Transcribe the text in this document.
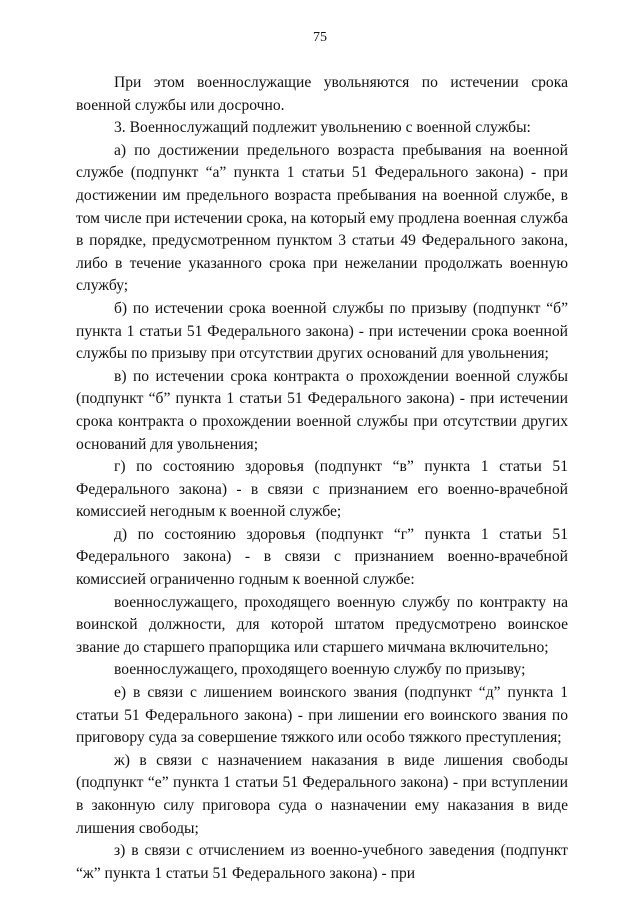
75

При этом военнослужащие увольняются по истечении срока военной службы или досрочно.

3. Военнослужащий подлежит увольнению с военной службы:

а) по достижении предельного возраста пребывания на военной службе (подпункт “а” пункта 1 статьи 51 Федерального закона) - при достижении им предельного возраста пребывания на военной службе, в том числе при истечении срока, на который ему продлена военная служба в порядке, предусмотренном пунктом 3 статьи 49 Федерального закона, либо в течение указанного срока при нежелании продолжать военную службу;

б) по истечении срока военной службы по призыву (подпункт “б” пункта 1 статьи 51 Федерального закона) - при истечении срока военной службы по призыву при отсутствии других оснований для увольнения;

в) по истечении срока контракта о прохождении военной службы (подпункт “б” пункта 1 статьи 51 Федерального закона) - при истечении срока контракта о прохождении военной службы при отсутствии других оснований для увольнения;

г) по состоянию здоровья (подпункт “в” пункта 1 статьи 51 Федерального закона) - в связи с признанием его военно-врачебной комиссией негодным к военной службе;

д) по состоянию здоровья (подпункт “г” пункта 1 статьи 51 Федерального закона) - в связи с признанием военно-врачебной комиссией ограниченно годным к военной службе:

военнослужащего, проходящего военную службу по контракту на воинской должности, для которой штатом предусмотрено воинское звание до старшего прапорщика или старшего мичмана включительно;

военнослужащего, проходящего военную службу по призыву;

е) в связи с лишением воинского звания (подпункт “д” пункта 1 статьи 51 Федерального закона) - при лишении его воинского звания по приговору суда за совершение тяжкого или особо тяжкого преступления;

ж) в связи с назначением наказания в виде лишения свободы (подпункт “е” пункта 1 статьи 51 Федерального закона) - при вступлении в законную силу приговора суда о назначении ему наказания в виде лишения свободы;

з) в связи с отчислением из военно-учебного заведения (подпункт “ж” пункта 1 статьи 51 Федерального закона) - при
